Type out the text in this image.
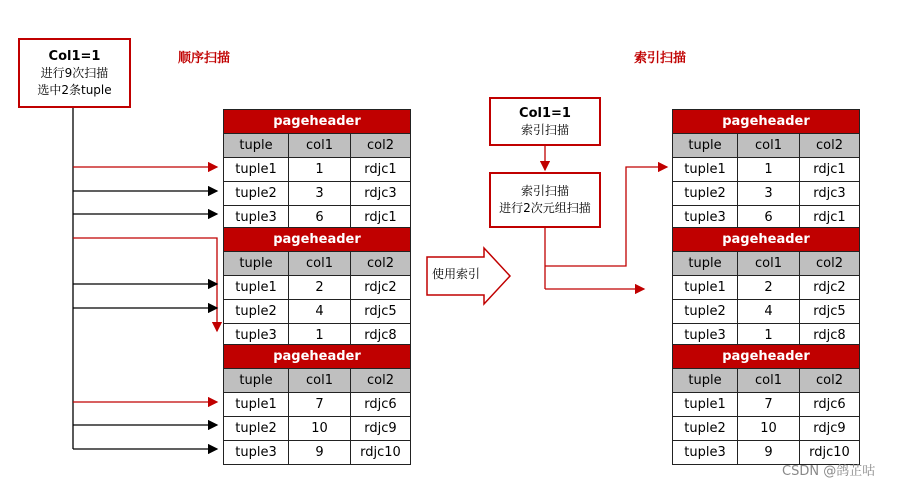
Col1=1
进行9次扫描
选中2条tuple
顺序扫描	索引扫描
Col1=1
索引扫描
索引扫描
进行2次元组扫描
使用索引
pageheader
tuple	col1	col2
tuple1	1	rdjc1
tuple2	3	rdjc3
tuple3	6	rdjc1
pageheader
tuple	col1	col2
tuple1	2	rdjc2
tuple2	4	rdjc5
tuple3	1	rdjc8
pageheader
tuple	col1	col2
tuple1	7	rdjc6
tuple2	10	rdjc9
tuple3	9	rdjc10
pageheader
tuple	col1	col2
tuple1	1	rdjc1
tuple2	3	rdjc3
tuple3	6	rdjc1
pageheader
tuple	col1	col2
tuple1	2	rdjc2
tuple2	4	rdjc5
tuple3	1	rdjc8
pageheader
tuple	col1	col2
tuple1	7	rdjc6
tuple2	10	rdjc9
tuple3	9	rdjc10
CSDN @鸽芷咕
